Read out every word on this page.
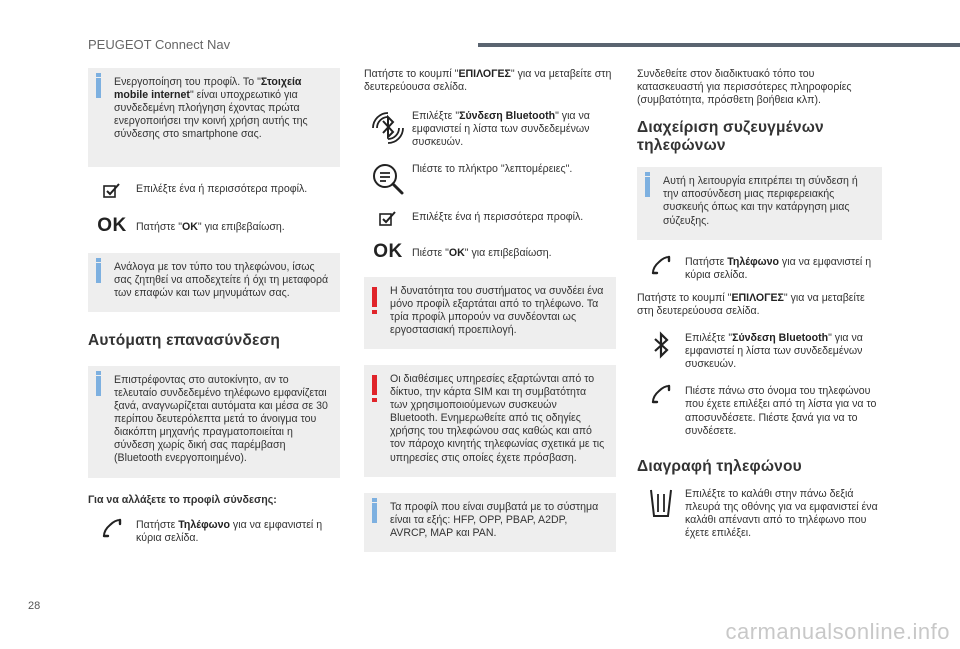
PEUGEOT Connect Nav
Ενεργοποίηση του προφίλ. Το "Στοιχεία mobile internet" είναι υποχρεωτικό για συνδεδεμένη πλοήγηση έχοντας πρώτα ενεργοποιήσει την κοινή χρήση αυτής της σύνδεσης στο smartphone σας.
Επιλέξτε ένα ή περισσότερα προφίλ.
OK Πατήστε "OK" για επιβεβαίωση.
Ανάλογα με τον τύπο του τηλεφώνου, ίσως σας ζητηθεί να αποδεχτείτε ή όχι τη μεταφορά των επαφών και των μηνυμάτων σας.
Αυτόματη επανασύνδεση
Επιστρέφοντας στο αυτοκίνητο, αν το τελευταίο συνδεδεμένο τηλέφωνο εμφανίζεται ξανά, αναγνωρίζεται αυτόματα και μέσα σε 30 περίπου δευτερόλεπτα μετά το άνοιγμα του διακόπτη μηχανής πραγματοποιείται η σύνδεση χωρίς δική σας παρέμβαση (Bluetooth ενεργοποιημένο).
Για να αλλάξετε το προφίλ σύνδεσης:
Πατήστε Τηλέφωνο για να εμφανιστεί η κύρια σελίδα.
Πατήστε το κουμπί "ΕΠΙΛΟΓΕΣ" για να μεταβείτε στη δευτερεύουσα σελίδα.
Επιλέξτε "Σύνδεση Bluetooth" για να εμφανιστεί η λίστα των συνδεδεμένων συσκευών.
Πιέστε το πλήκτρο "λεπτομέρειες".
Επιλέξτε ένα ή περισσότερα προφίλ.
OK Πιέστε "OK" για επιβεβαίωση.
Η δυνατότητα του συστήματος να συνδέει ένα μόνο προφίλ εξαρτάται από το τηλέφωνο. Τα τρία προφίλ μπορούν να συνδέονται ως εργοστασιακή προεπιλογή.
Οι διαθέσιμες υπηρεσίες εξαρτώνται από το δίκτυο, την κάρτα SIM και τη συμβατότητα των χρησιμοποιούμενων συσκευών Bluetooth. Ενημερωθείτε από τις οδηγίες χρήσης του τηλεφώνου σας καθώς και από τον πάροχο κινητής τηλεφωνίας σχετικά με τις υπηρεσίες στις οποίες έχετε πρόσβαση.
Τα προφίλ που είναι συμβατά με το σύστημα είναι τα εξής: HFP, OPP, PBAP, A2DP, AVRCP, MAP και PAN.
Συνδεθείτε στον διαδικτυακό τόπο του κατασκευαστή για περισσότερες πληροφορίες (συμβατότητα, πρόσθετη βοήθεια κλπ).
Διαχείριση συζευγμένων τηλεφώνων
Αυτή η λειτουργία επιτρέπει τη σύνδεση ή την αποσύνδεση μιας περιφερειακής συσκευής όπως και την κατάργηση μιας σύζευξης.
Πατήστε Τηλέφωνο για να εμφανιστεί η κύρια σελίδα.
Πατήστε το κουμπί "ΕΠΙΛΟΓΕΣ" για να μεταβείτε στη δευτερεύουσα σελίδα.
Επιλέξτε "Σύνδεση Bluetooth" για να εμφανιστεί η λίστα των συνδεδεμένων συσκευών.
Πιέστε πάνω στο όνομα του τηλεφώνου που έχετε επιλέξει από τη λίστα για να το αποσυνδέσετε. Πιέστε ξανά για να το συνδέσετε.
Διαγραφή τηλεφώνου
Επιλέξτε το καλάθι στην πάνω δεξιά πλευρά της οθόνης για να εμφανιστεί ένα καλάθι απέναντι από το τηλέφωνο που έχετε επιλέξει.
28
carmanualsonline.info
